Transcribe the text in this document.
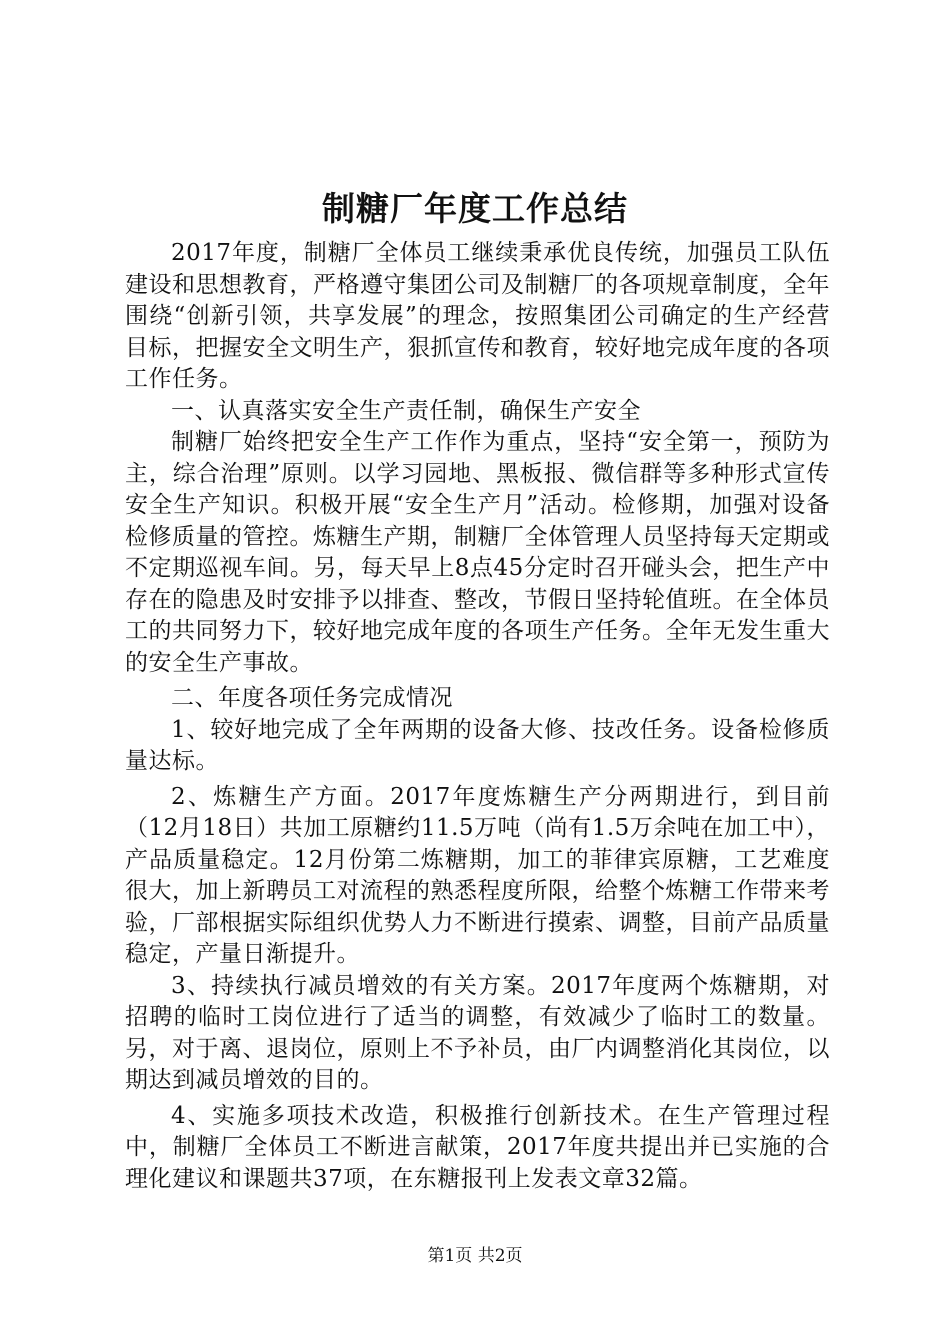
制糖厂年度工作总结

2017年度，制糖厂全体员工继续秉承优良传统，加强员工队伍建设和思想教育，严格遵守集团公司及制糖厂的各项规章制度，全年围绕“创新引领，共享发展”的理念，按照集团公司确定的生产经营目标，把握安全文明生产，狠抓宣传和教育，较好地完成年度的各项工作任务。

一、认真落实安全生产责任制，确保生产安全

制糖厂始终把安全生产工作作为重点，坚持“安全第一，预防为主，综合治理”原则。以学习园地、黑板报、微信群等多种形式宣传安全生产知识。积极开展“安全生产月”活动。检修期，加强对设备检修质量的管控。炼糖生产期，制糖厂全体管理人员坚持每天定期或不定期巡视车间。另，每天早上8点45分定时召开碰头会，把生产中存在的隐患及时安排予以排查、整改，节假日坚持轮值班。在全体员工的共同努力下，较好地完成年度的各项生产任务。全年无发生重大的安全生产事故。

二、年度各项任务完成情况

1、较好地完成了全年两期的设备大修、技改任务。设备检修质量达标。

2、炼糖生产方面。2017年度炼糖生产分两期进行，到目前（12月18日）共加工原糖约11.5万吨（尚有1.5万余吨在加工中），产品质量稳定。12月份第二炼糖期，加工的菲律宾原糖，工艺难度很大，加上新聘员工对流程的熟悉程度所限，给整个炼糖工作带来考验，厂部根据实际组织优势人力不断进行摸索、调整，目前产品质量稳定，产量日渐提升。

3、持续执行减员增效的有关方案。2017年度两个炼糖期，对招聘的临时工岗位进行了适当的调整，有效减少了临时工的数量。另，对于离、退岗位，原则上不予补员，由厂内调整消化其岗位，以期达到减员增效的目的。

4、实施多项技术改造，积极推行创新技术。在生产管理过程中，制糖厂全体员工不断进言献策，2017年度共提出并已实施的合理化建议和课题共37项，在东糖报刊上发表文章32篇。

第1页 共2页
